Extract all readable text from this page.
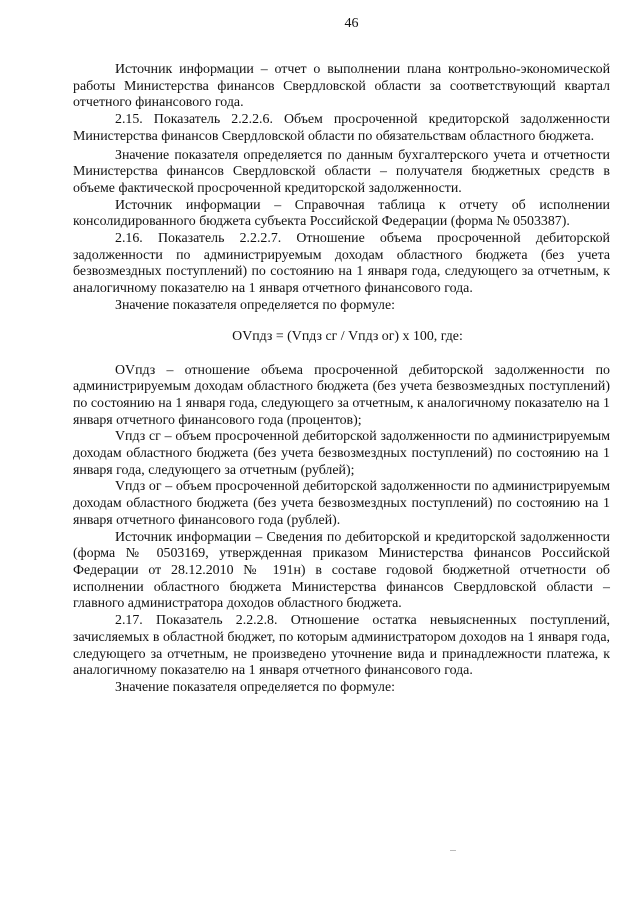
46

Источник информации – отчет о выполнении плана контрольно-экономической работы Министерства финансов Свердловской области за соответствующий квартал отчетного финансового года.

2.15. Показатель 2.2.2.6. Объем просроченной кредиторской задолженности Министерства финансов Свердловской области по обязательствам областного бюджета.

Значение показателя определяется по данным бухгалтерского учета и отчетности Министерства финансов Свердловской области – получателя бюджетных средств в объеме фактической просроченной кредиторской задолженности.

Источник информации – Справочная таблица к отчету об исполнении консолидированного бюджета субъекта Российской Федерации (форма № 0503387).

2.16. Показатель 2.2.2.7. Отношение объема просроченной дебиторской задолженности по администрируемым доходам областного бюджета (без учета безвозмездных поступлений) по состоянию на 1 января года, следующего за отчетным, к аналогичному показателю на 1 января отчетного финансового года.

Значение показателя определяется по формуле:

OVпдз = (Vпдз сг / Vпдз ог) x 100, где:

OVпдз – отношение объема просроченной дебиторской задолженности по администрируемым доходам областного бюджета (без учета безвозмездных поступлений) по состоянию на 1 января года, следующего за отчетным, к аналогичному показателю на 1 января отчетного финансового года (процентов);

Vпдз сг – объем просроченной дебиторской задолженности по администрируемым доходам областного бюджета (без учета безвозмездных поступлений) по состоянию на 1 января года, следующего за отчетным (рублей);

Vпдз ог – объем просроченной дебиторской задолженности по администрируемым доходам областного бюджета (без учета безвозмездных поступлений) по состоянию на 1 января отчетного финансового года (рублей).

Источник информации – Сведения по дебиторской и кредиторской задолженности (форма № 0503169, утвержденная приказом Министерства финансов Российской Федерации от 28.12.2010 № 191н) в составе годовой бюджетной отчетности об исполнении областного бюджета Министерства финансов Свердловской области – главного администратора доходов областного бюджета.

2.17. Показатель 2.2.2.8. Отношение остатка невыясненных поступлений, зачисляемых в областной бюджет, по которым администратором доходов на 1 января года, следующего за отчетным, не произведено уточнение вида и принадлежности платежа, к аналогичному показателю на 1 января отчетного финансового года.

Значение показателя определяется по формуле:
